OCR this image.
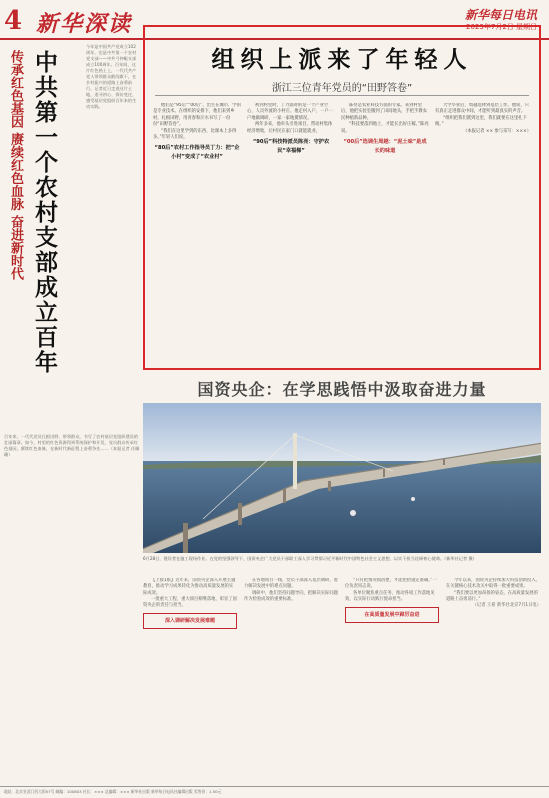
4 新华深读	新华每日电讯
2023年7月2日 星期日
传承红色基因 赓续红色血脉 奋进新时代 中共第一个农村支部成立百年
今年是中国共产党成立102周年，也是中共第一个农村党支部——中共弓仲畈支部成立100周年。百年间，这片红色热土上，一代代共产党人带领群众敢闯敢干，在乡村振兴的道路上奋勇前行。记者近日走进这片土地，追寻初心、探访变迁，感受基层党组织百年来的生动实践。
百年来，一代代党员扎根田野、带领群众，书写了农村基层党组织建设的壮丽篇章。如今，村里的红色资源得到系统保护和开发，党员群众传承红色基因，赓续红色血脉，在新时代新征程上奋勇争先……（本报记者 任珊珊）
组织上派来了年轻人
浙江三位青年党员的“田野答卷”

他们是“95后”“00后”，出生在城市，学的是专业技术。在组织的安排下，他们来到乡村，扎根田野，用青春和汗水书写了一份份“田野答卷”。

“我们在这里学到的东西，比课本上多得多。”年轻人们说。

“80后”农村工作指导员丁力：把“企小村”变成了“农业村”

初到村里时，丁力面对的是一个产业空心、人员外流的小村庄。他走村入户，一户一户地做调研，一家一家地摸情况。

两年多来，他牵头引进项目，带动村集体经济增收，让村民在家门口就能就业。

“90后”科技特派员陈亮：守护农民“幸福梯”

陈亮是农业科技方面的专家。来到村里后，他把实验室搬到了田间地头，手把手教农民种植新品种。

“科技要落到地上，才能长出好庄稼。”陈亮说。

“00后”选调生周越：“泥土味”是成长的味道

大学毕业后，周越选择到基层工作。他说，只有真正走进群众中间，才能听到最真实的声音。

“组织把我们派到这里，我们就要在这里扎下根。”

（本报记者 ×× 参与采写：×××）

国资央企：在学思践悟中汲取奋进力量
6月28日，建设者在施工现场作业。在党的坚强领导下，国资央企广大党员干部职工深入学习贯彻习近平新时代中国特色社会主义思想，以实干担当诠释初心使命。（新华社记者 摄）

【上接1版】近年来，国资央企深入开展主题教育，推动学习成果转化为推动高质量发展的实际成效。

一批重大工程、重大项目相继落地，彰显了国资央企的责任与担当。

深入调研解决发展难题

在各地项目一线，党员干部深入基层调研，着力解决发展中的难点问题。

调研中，他们坚持问题导向，把解决实际问题作为检验成效的重要标准。

“只有把情况摸清楚，才能把措施定准确。”一位负责同志说。

各单位聚焦重点任务，推动各项工作落地见效，以实际行动践行使命担当。

在高质量发展中踔厉奋进

今年以来，国资央企持续加大科技创新投入，在关键核心技术攻关中取得一批重要成果。

“我们要以更加昂扬的姿态，在高质量发展的道路上奋勇前行。”

（记者 王希 新华社北京7月1日电）

地址：北京宣武门西大街57号 邮编：100803 社长：××× 总编辑：××× 新华社出版 新华每日电讯社编辑出版 零售价：1.50元
